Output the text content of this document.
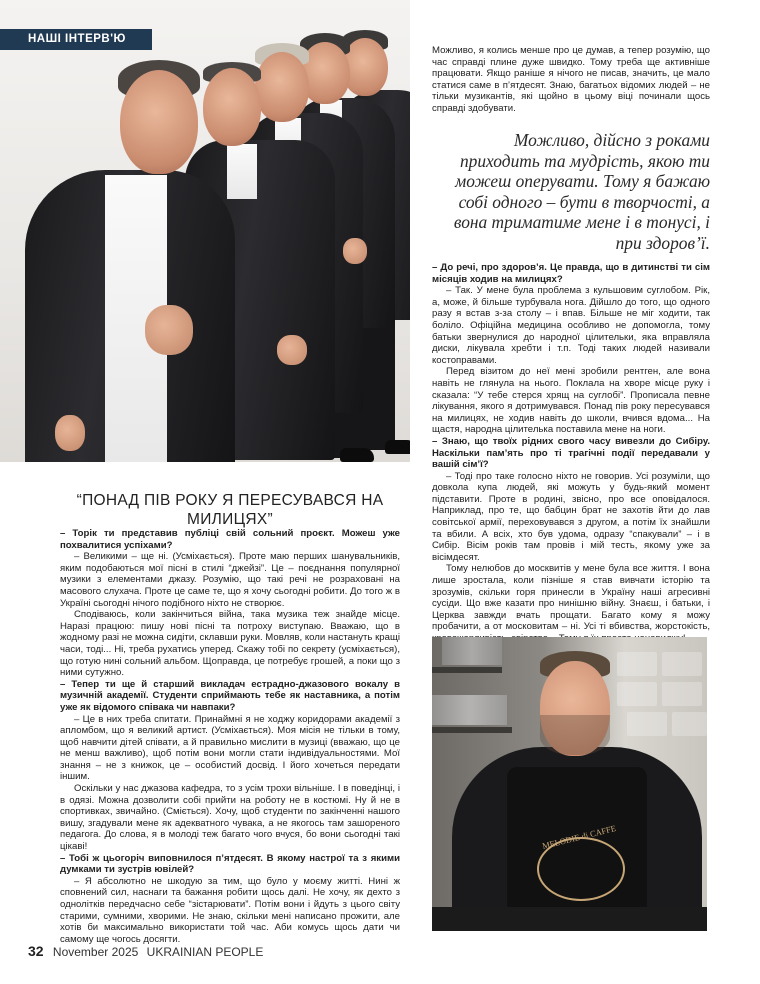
НАШІ ІНТЕРВ'Ю

Можливо, я колись менше про це думав, а тепер розумію, що час справді плине дуже швидко. Тому треба ще активніше працювати. Якщо раніше я нічого не писав, значить, це мало статися саме в п’ятдесят. Знаю, багатьох відомих людей – не тільки музикантів, які щойно в цьому віці починали щось справді здобувати.

Можливо, дійсно з роками приходить та мудрість, якою ти можеш оперувати. Тому я бажаю собі одного – бути в творчості, а вона триматиме мене і в тонусі, і при здоров’ї.

– До речі, про здоров’я. Це правда, що в дитинстві ти сім місяців ходив на милицях?

– Так. У мене була проблема з кульшовим суглобом. Рік, а, може, й більше турбувала нога. Дійшло до того, що одного разу я встав з-за столу – і впав. Більше не міг ходити, так боліло. Офіційна медицина особливо не допомогла, тому батьки звернулися до народної цілительки, яка вправляла диски, лікувала хребти і т.п. Тоді таких людей називали костоправами.

Перед візитом до неї мені зробили рентген, але вона навіть не глянула на нього. Поклала на хворе місце руку і сказала: “У тебе стерся хрящ на суглобі”. Прописала певне лікування, якого я дотримувався. Понад пів року пересувався на милицях, не ходив навіть до школи, вчився вдома... На щастя, народна цілителька поставила мене на ноги.

– Знаю, що твоїх рідних свого часу вивезли до Сибіру. Наскільки пам’ять про ті трагічні події передавали у вашій сім’ї?

– Тоді про таке голосно ніхто не говорив. Усі розуміли, що довкола купа людей, які можуть у будь-який момент підставити. Проте в родині, звісно, про все оповідалося. Наприклад, про те, що бабцин брат не захотів йти до лав совітської армії, переховувався з другом, а потім їх знайшли та вбили. А всіх, хто був удома, одразу “спакували” – і в Сибір. Вісім років там провів і мій тесть, якому уже за вісімдесят.

Тому нелюбов до москвитів у мене була все життя. І вона лише зростала, коли пізніше я став вивчати історію та зрозумів, скільки горя принесли в Україну наші агресивні сусіди. Що вже казати про нинішню війну. Знаєш, і батьки, і Церква завжди вчать прощати. Багато кому я можу пробачити, а от московитам – ні. Усі ті вбивства, жорстокість,

“ПОНАД ПІВ РОКУ Я ПЕРЕСУВАВСЯ НА МИЛИЦЯХ”

– Торік ти представив публіці свій сольний проєкт. Можеш уже похвалитися успіхами?

– Великими – ще ні. (Усміхається). Проте маю перших шанувальників, яким подобаються мої пісні в стилі “джейзі”. Це – поєднання популярної музики з елементами джазу. Розумію, що такі речі не розраховані на масового слухача. Проте це саме те, що я хочу сьогодні робити. До того ж в Україні сьогодні нічого подібного ніхто не створює.

Сподіваюсь, коли закінчиться війна, така музика теж знайде місце. Наразі працюю: пишу нові пісні та потроху виступаю. Вважаю, що в жодному разі не можна сидіти, склавши руки. Мовляв, коли настануть кращі часи, тоді... Ні, треба рухатись уперед. Скажу тобі по секрету (усміхається), що готую нині сольний альбом. Щоправда, це потребує грошей, а поки що з ними сутужно.

– Тепер ти ще й старший викладач естрадно-джазового вокалу в музичній академії. Студенти сприймають тебе як наставника, а потім уже як відомого співака чи навпаки?

– Це в них треба спитати. Принаймні я не ходжу коридорами академії з апломбом, що я великий артист. (Усміхається). Моя місія не тільки в тому, щоб навчити дітей співати, а й правильно мислити в музиці (вважаю, що це не менш важливо), щоб потім вони могли стати індивідуальностями. Мої знання – не з книжок, це – особистий досвід. І його хочеться передати іншим.

Оскільки у нас джазова кафедра, то з усім трохи вільніше. І в поведінці, і в одязі. Можна дозволити собі прийти на роботу не в костюмі. Ну й не в спортивках, звичайно. (Сміється). Хочу, щоб студенти по закінченні нашого вишу, згадували мене як адекватного чувака, а не якогось там зашореного педагога. До слова, я в молоді теж багато чого вчуся, бо вони сьогодні такі цікаві!

– Тобі ж цьогоріч виповнилося п’ятдесят. В якому настрої та з якими думками ти зустрів ювілей?

– Я абсолютно не шкодую за тим, що було у моєму житті. Нині ж сповнений сил, наснаги та бажання робити щось далі. Не хочу, як дехто з однолітків передчасно себе “зістарювати”. Потім вони і йдуть з цього світу старими, сумними, хворими. Не знаю, скільки мені написано прожити, але хотів би максимально використати той час. Аби комусь щось дати чи самому ще чогось досягти.

MELODIE di CAFFE
32 November 2025 UKRAINIAN PEOPLE
